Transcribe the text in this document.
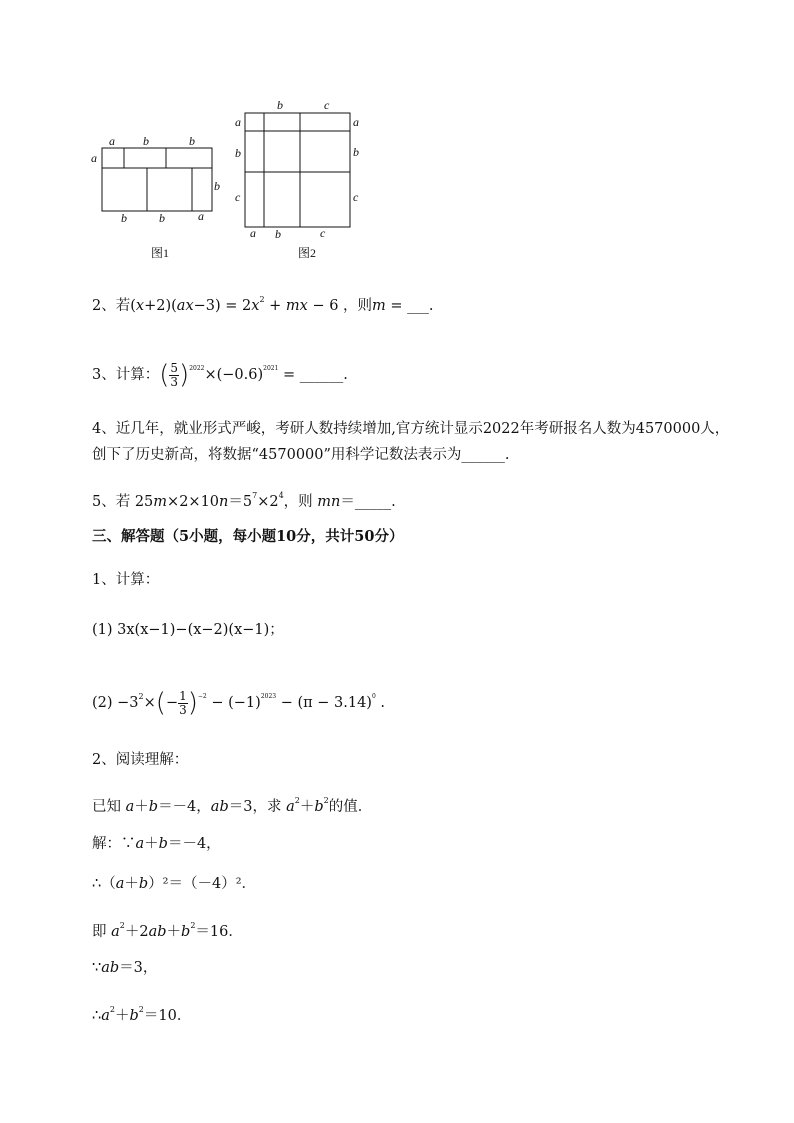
a b	b
a
b
b	b	a
图1
b	c
a
b
c
a
b
c
a b	c
图2
2、若$(x+2)(ax-3) = 2x^2$ + mx − 6 ，则m = ___.
3、计算：( $\frac{5}{3} )^{2022}\times(-0.6)^{2021}$ = ______.
4、近几年，就业形式严峻，考研人数持续增加,官方统计显示2022年考研报名人数为4570000人，
创下了历史新高，将数据“4570000”用科学记数法表示为______.
5、若 $25m\times 2\times 10n=5^7\times 2^4$，则 mn＝_____.
三、解答题（5小题，每小题10分，共计50分）
1、计算：
(1) 3x(x−1)−(x−2)(x−1)；
$(2) -3^2\times(- \frac{1}{3} )^{-2} - (-1)^{2023} - (\pi - 3.14)^0$ .
2、阅读理解：
已知 a＋b＝－4，ab＝3，求 $a^2+b^2$的值．
解：∵a＋b＝－4，
∴（a＋b）²＝（－4）²．
即 $a^2+2ab+b^2=16$．
∵ab＝3，
$\therefore a^2+b^2=10$．
